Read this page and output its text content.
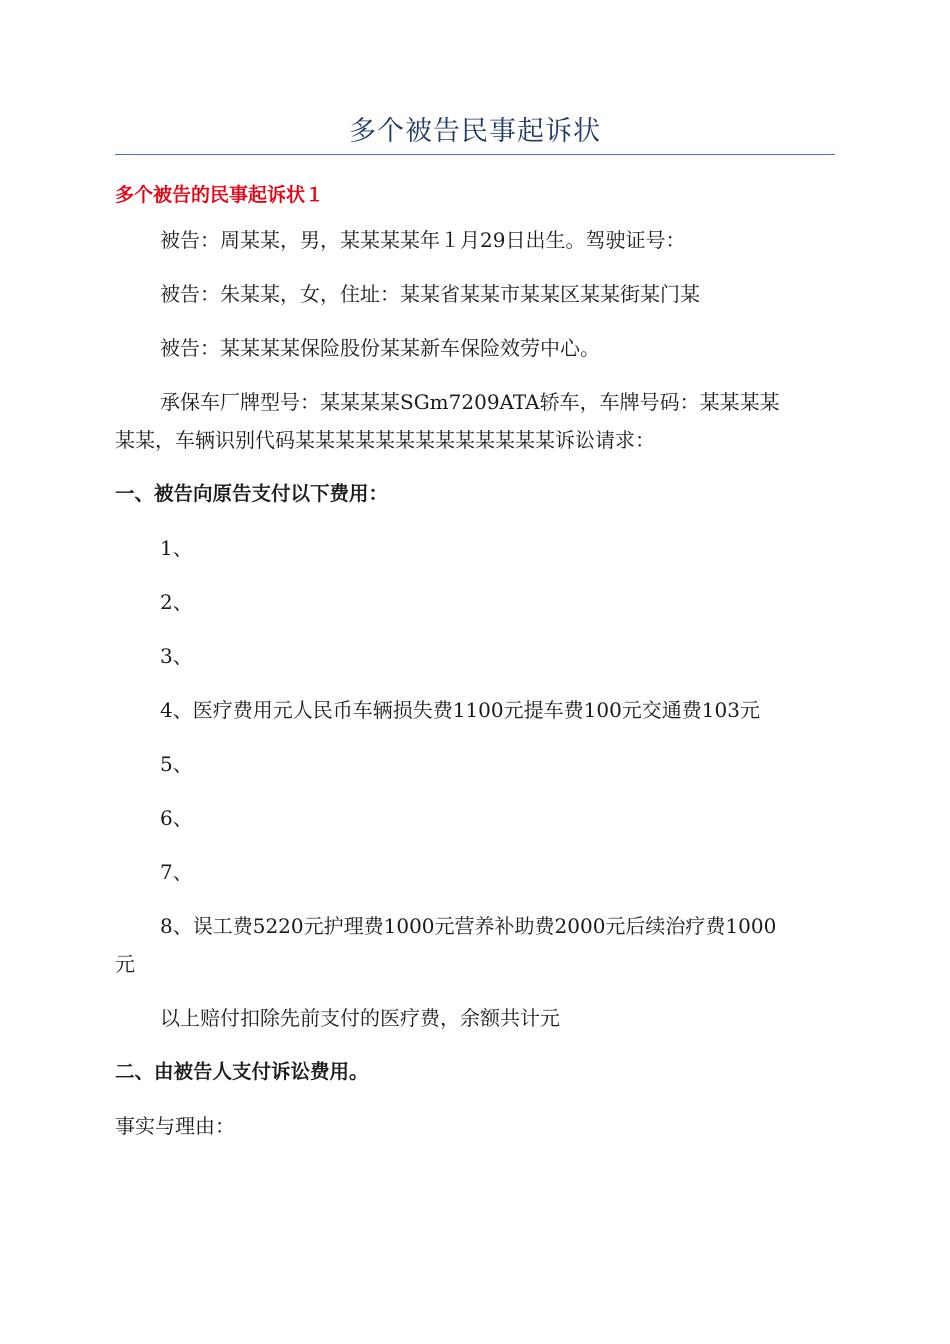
多个被告民事起诉状
多个被告的民事起诉状１
被告：周某某，男，某某某某年１月29日出生。驾驶证号：
被告：朱某某，女，住址：某某省某某市某某区某某街某门某
被告：某某某某保险股份某某新车保险效劳中心。
承保车厂牌型号：某某某某SGm7209ATA轿车，车牌号码：某某某某
某某，车辆识别代码某某某某某某某某某某某某某诉讼请求：
一、被告向原告支付以下费用：
1、
2、
3、
4、医疗费用元人民币车辆损失费1100元提车费100元交通费103元
5、
6、
7、
8、误工费5220元护理费1000元营养补助费2000元后续治疗费1000
元
以上赔付扣除先前支付的医疗费，余额共计元
二、由被告人支付诉讼费用。
事实与理由：
